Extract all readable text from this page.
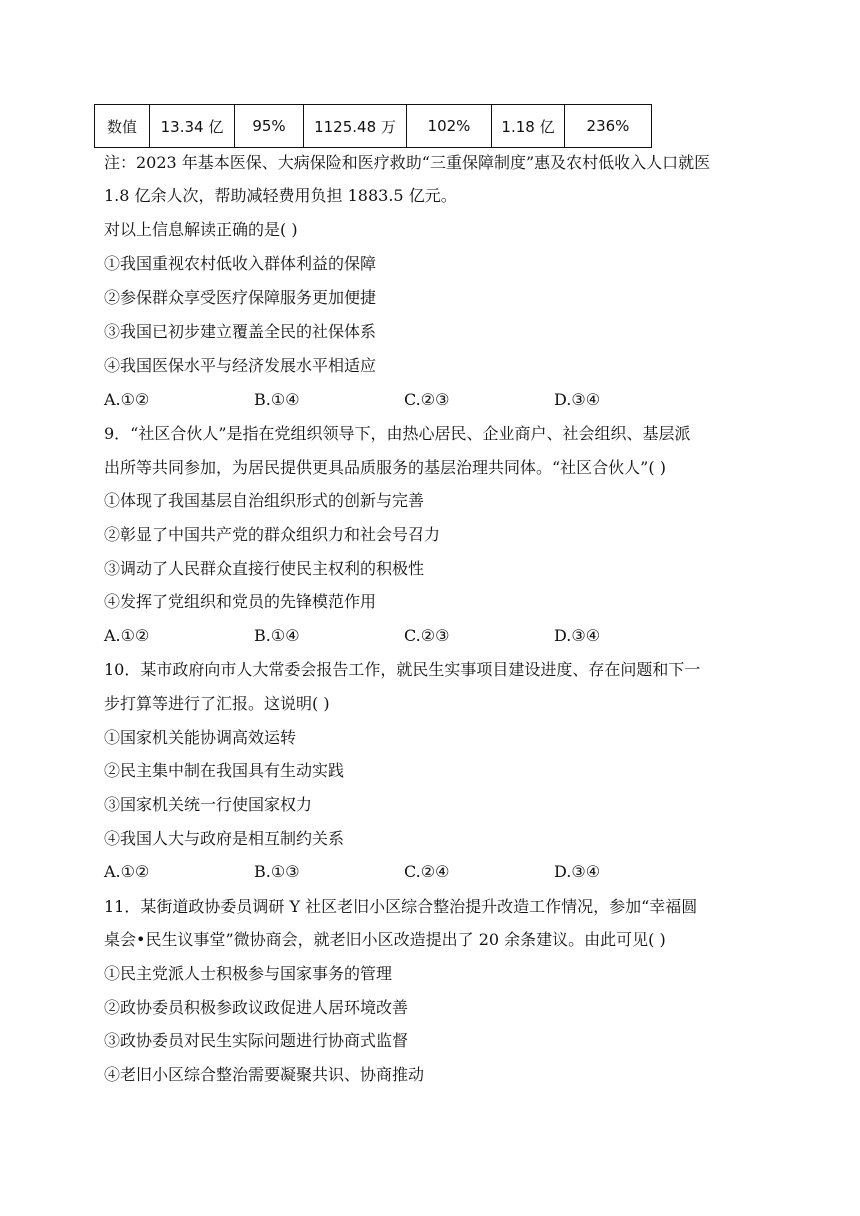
数值	13.34 亿	95%	1125.48 万	102%	1.18 亿	236%
注：2023 年基本医保、大病保险和医疗救助“三重保障制度”惠及农村低收入人口就医
1.8 亿余人次，帮助减轻费用负担 1883.5 亿元。
对以上信息解读正确的是( )
①我国重视农村低收入群体利益的保障
②参保群众享受医疗保障服务更加便捷
③我国已初步建立覆盖全民的社保体系
④我国医保水平与经济发展水平相适应
A.①②	B.①④	C.②③	D.③④
9．“社区合伙人”是指在党组织领导下，由热心居民、企业商户、社会组织、基层派
出所等共同参加，为居民提供更具品质服务的基层治理共同体。“社区合伙人”( )
①体现了我国基层自治组织形式的创新与完善
②彰显了中国共产党的群众组织力和社会号召力
③调动了人民群众直接行使民主权利的积极性
④发挥了党组织和党员的先锋模范作用
A.①②	B.①④	C.②③	D.③④
10．某市政府向市人大常委会报告工作，就民生实事项目建设进度、存在问题和下一
步打算等进行了汇报。这说明( )
①国家机关能协调高效运转
②民主集中制在我国具有生动实践
③国家机关统一行使国家权力
④我国人大与政府是相互制约关系
A.①②	B.①③	C.②④	D.③④
11．某街道政协委员调研 Y 社区老旧小区综合整治提升改造工作情况，参加“幸福圆
桌会•民生议事堂”微协商会，就老旧小区改造提出了 20 余条建议。由此可见( )
①民主党派人士积极参与国家事务的管理
②政协委员积极参政议政促进人居环境改善
③政协委员对民生实际问题进行协商式监督
④老旧小区综合整治需要凝聚共识、协商推动
